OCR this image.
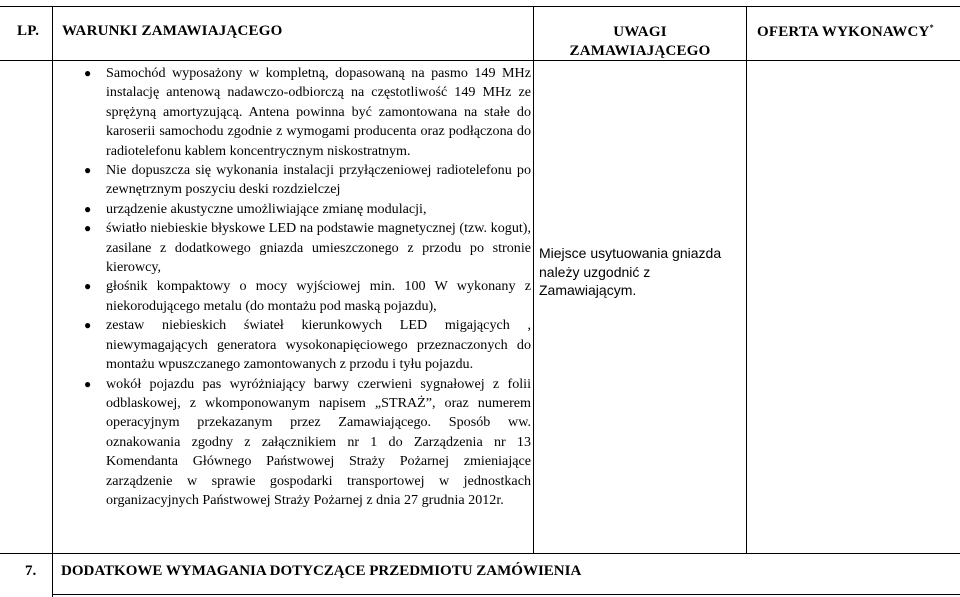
LP. WARUNKI ZAMAWIAJĄCEGO	UWAGI
ZAMAWIAJĄCEGO
OFERTA WYKONAWCY*
● Samochód wyposażony w kompletną, dopasowaną na pasmo 149 MHz instalację antenową nadawczo-odbiorczą na częstotliwość 149 MHz ze sprężyną amortyzującą. Antena powinna być zamontowana na stałe do karoserii samochodu zgodnie z wymogami producenta oraz podłączona do radiotelefonu kablem koncentrycznym niskostratnym.
● Nie dopuszcza się wykonania instalacji przyłączeniowej radiotelefonu po zewnętrznym poszyciu deski rozdzielczej
● urządzenie akustyczne umożliwiające zmianę modulacji,
● światło niebieskie błyskowe LED na podstawie magnetycznej (tzw. kogut), zasilane z dodatkowego gniazda umieszczonego z przodu po stronie kierowcy,
● głośnik kompaktowy o mocy wyjściowej min. 100 W wykonany z niekorodującego metalu (do montażu pod maską pojazdu),
● zestaw niebieskich świateł kierunkowych LED migających , niewymagających generatora wysokonapięciowego przeznaczonych do montażu wpuszczanego zamontowanych z przodu i tyłu pojazdu.
● wokół pojazdu pas wyróżniający barwy czerwieni sygnałowej z folii odblaskowej, z wkomponowanym napisem „STRAŻ”, oraz numerem operacyjnym przekazanym przez Zamawiającego. Sposób ww. oznakowania zgodny z załącznikiem nr 1 do Zarządzenia nr 13 Komendanta Głównego Państwowej Straży Pożarnej zmieniające zarządzenie w sprawie gospodarki transportowej w jednostkach organizacyjnych Państwowej Straży Pożarnej z dnia 27 grudnia 2012r.
Miejsce usytuowania gniazda należy uzgodnić z Zamawiającym.
7. DODATKOWE WYMAGANIA DOTYCZĄCE PRZEDMIOTU ZAMÓWIENIA
